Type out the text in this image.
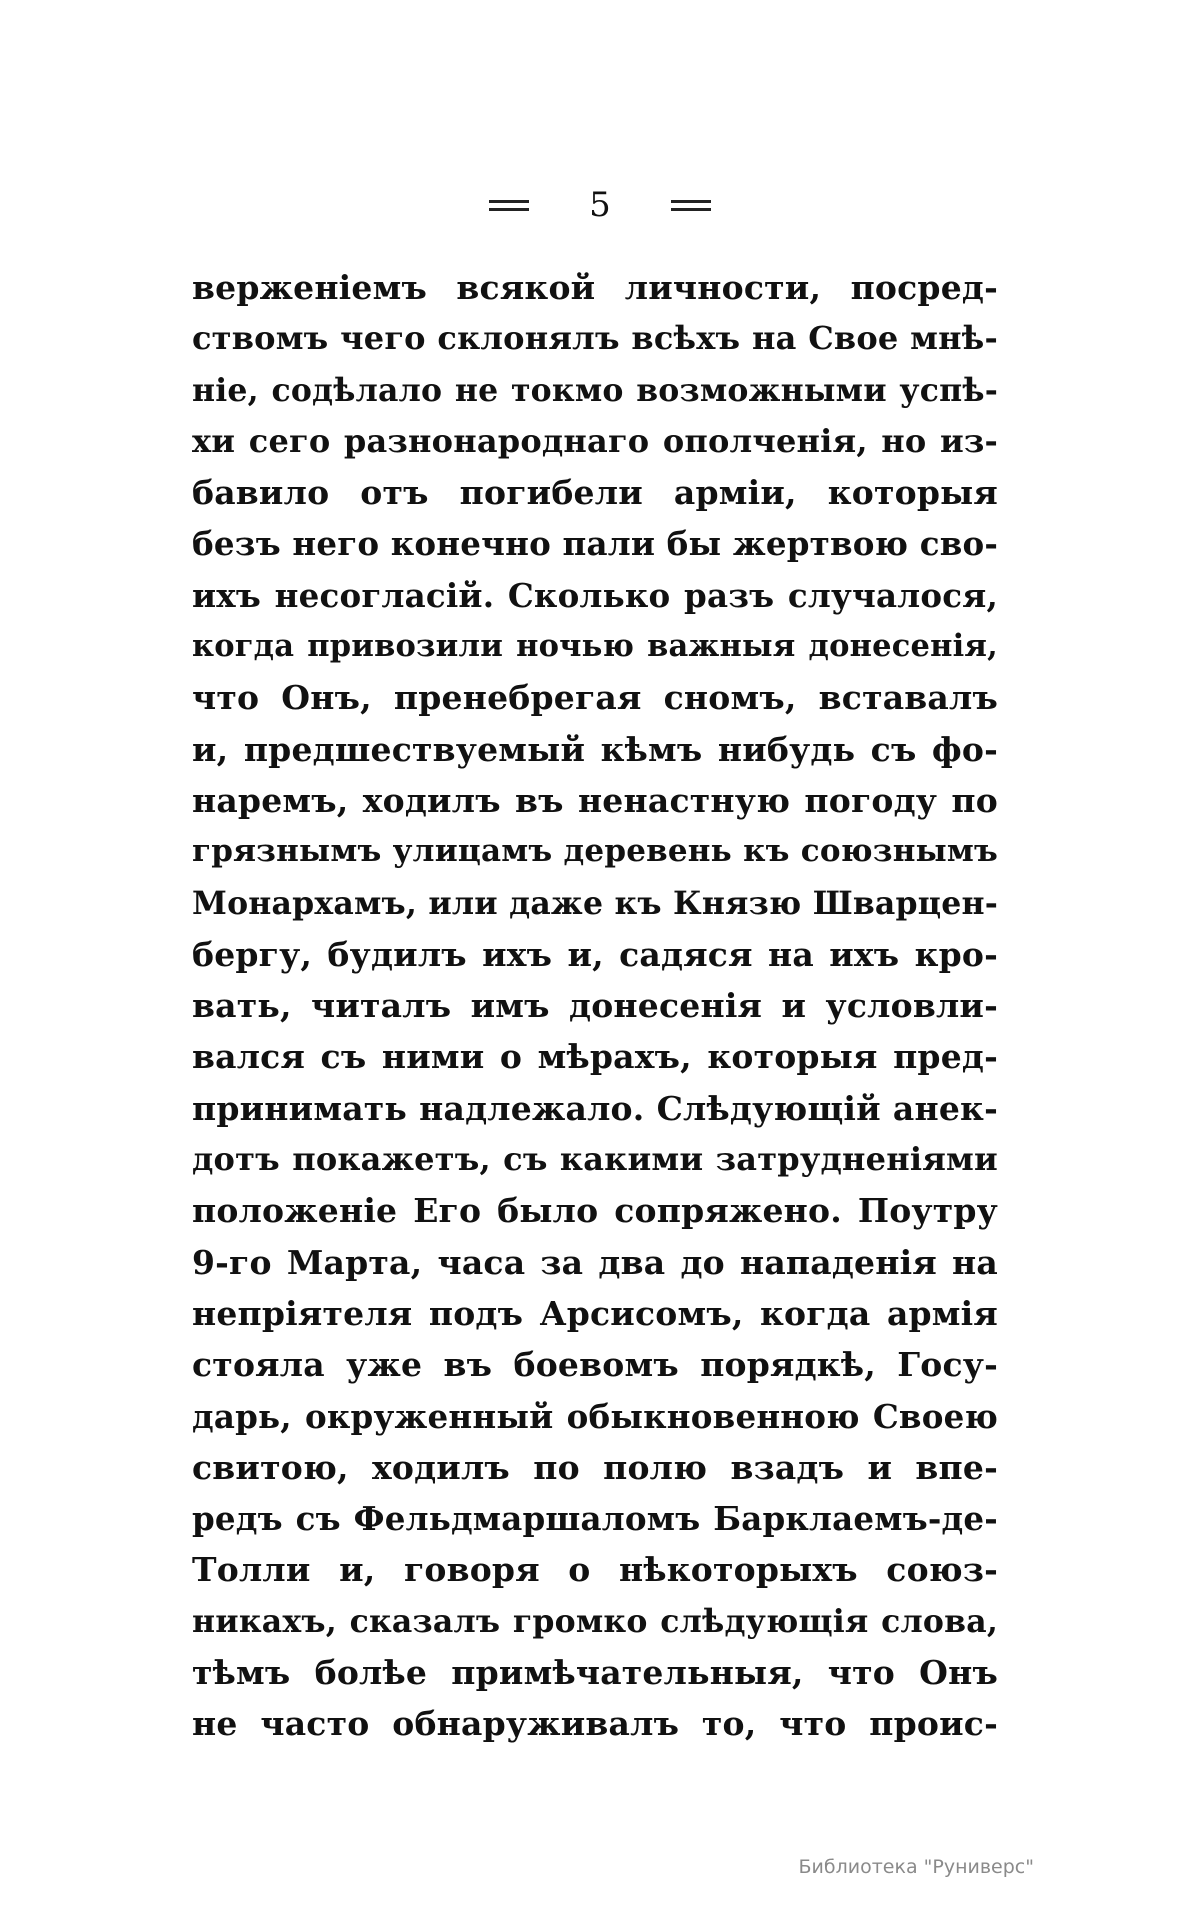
5
верженіемъ всякой личности, посред-
ствомъ чего склонялъ всѣхъ на Свое мнѣ-
ніе, содѣлало не токмо возможными успѣ-
хи сего разнонароднаго ополченія, но из-
бавило отъ погибели арміи, которыя
безъ него конечно пали бы жертвою сво-
ихъ несогласій. Сколько разъ случалося,
когда привозили ночью важныя донесенія,
что Онъ, пренебрегая сномъ, вставалъ
и, предшествуемый кѣмъ нибудь съ фо-
наремъ, ходилъ въ ненастную погоду по
грязнымъ улицамъ деревень къ союзнымъ
Монархамъ, или даже къ Князю Шварцен-
бергу, будилъ ихъ и, садяся на ихъ кро-
вать, читалъ имъ донесенія и условли-
вался съ ними о мѣрахъ, которыя пред-
принимать надлежало. Слѣдующій анек-
дотъ покажетъ, съ какими затрудненіями
положеніе Его было сопряжено. Поутру
9-го Марта, часа за два до нападенія на
непріятеля подъ Арсисомъ, когда армія
стояла уже въ боевомъ порядкѣ, Госу-
дарь, окруженный обыкновенною Своею
свитою, ходилъ по полю взадъ и впе-
редъ съ Фельдмаршаломъ Барклаемъ-де-
Толли и, говоря о нѣкоторыхъ союз-
никахъ, сказалъ громко слѣдующія слова,
тѣмъ болѣе примѣчательныя, что Онъ
не часто обнаруживалъ то, что проис-
Библиотека "Руниверс"
